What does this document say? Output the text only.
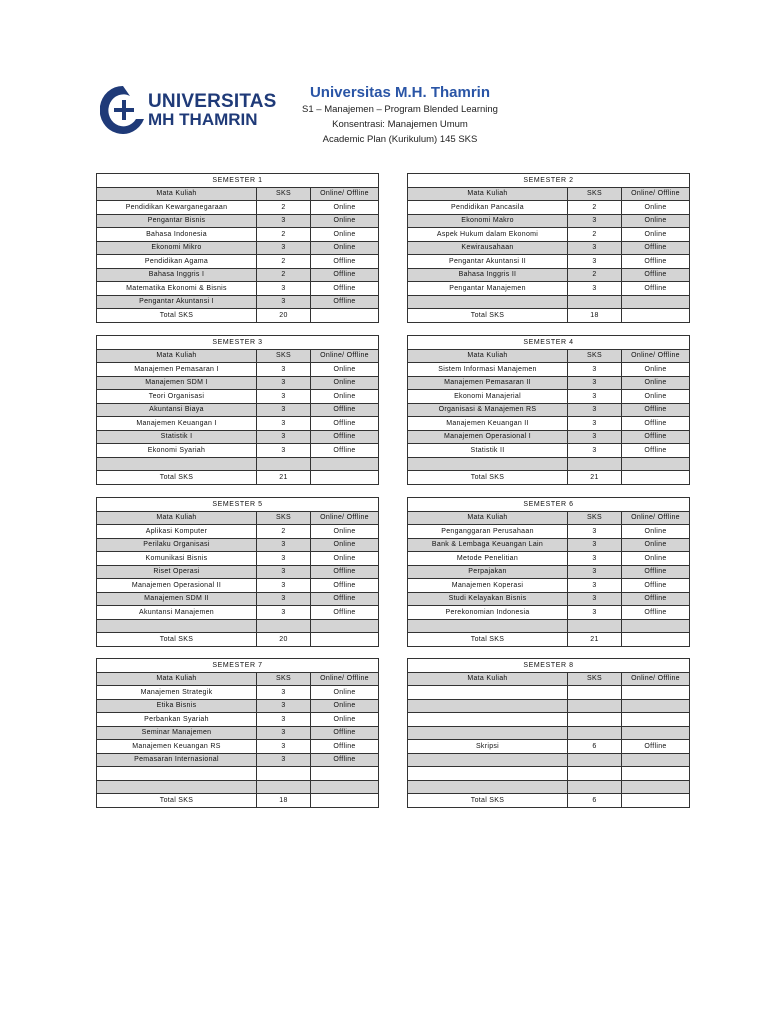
UNIVERSITAS
MH THAMRIN
Universitas M.H. Thamrin
S1 – Manajemen – Program Blended Learning
Konsentrasi: Manajemen Umum
Academic Plan (Kurikulum) 145 SKS
SEMESTER 1		
Mata Kuliah	SKS	Online/ Offline
Pendidikan Kewarganegaraan	2	Online
Pengantar Bisnis	3	Online
Bahasa Indonesia	2	Online
Ekonomi Mikro	3	Online
Pendidikan Agama	2	Offline
Bahasa Inggris I	2	Offline
Matematika Ekonomi & Bisnis	3	Offline
Pengantar Akuntansi I	3	Offline
Total SKS	20	
SEMESTER 2		
Mata Kuliah	SKS	Online/ Offline
Pendidikan Pancasila	2	Online
Ekonomi Makro	3	Online
Aspek Hukum dalam Ekonomi	2	Online
Kewirausahaan	3	Offline
Pengantar Akuntansi II	3	Offline
Bahasa Inggris II	2	Offline
Pengantar Manajemen	3	Offline

Total SKS	18	
SEMESTER 3		
Mata Kuliah	SKS	Online/ Offline
Manajemen Pemasaran I	3	Online
Manajemen SDM I	3	Online
Teori Organisasi	3	Online
Akuntansi Biaya	3	Offline
Manajemen Keuangan I	3	Offline
Statistik I	3	Offline
Ekonomi Syariah	3	Offline

Total SKS	21	
SEMESTER 4		
Mata Kuliah	SKS	Online/ Offline
Sistem Informasi Manajemen	3	Online
Manajemen Pemasaran II	3	Online
Ekonomi Manajerial	3	Online
Organisasi & Manajemen RS	3	Offline
Manajemen Keuangan II	3	Offline
Manajemen Operasional I	3	Offline
Statistik II	3	Offline

Total SKS	21	
SEMESTER 5		
Mata Kuliah	SKS	Online/ Offline
Aplikasi Komputer	2	Online
Perilaku Organisasi	3	Online
Komunikasi Bisnis	3	Online
Riset Operasi	3	Offline
Manajemen Operasional II	3	Offline
Manajemen SDM II	3	Offline
Akuntansi Manajemen	3	Offline

Total SKS	20	
SEMESTER 6		
Mata Kuliah	SKS	Online/ Offline
Penganggaran Perusahaan	3	Online
Bank & Lembaga Keuangan Lain	3	Online
Metode Penelitian	3	Online
Perpajakan	3	Offline
Manajemen Koperasi	3	Offline
Studi Kelayakan Bisnis	3	Offline
Perekonomian Indonesia	3	Offline

Total SKS	21	
SEMESTER 7		
Mata Kuliah	SKS	Online/ Offline
Manajemen Strategik	3	Online
Etika Bisnis	3	Online
Perbankan Syariah	3	Online
Seminar Manajemen	3	Offline
Manajemen Keuangan RS	3	Offline
Pemasaran Internasional	3	Offline

Total SKS	18	
SEMESTER 8		
Mata Kuliah	SKS	Online/ Offline

Skripsi	6	Offline

Total SKS	6	
